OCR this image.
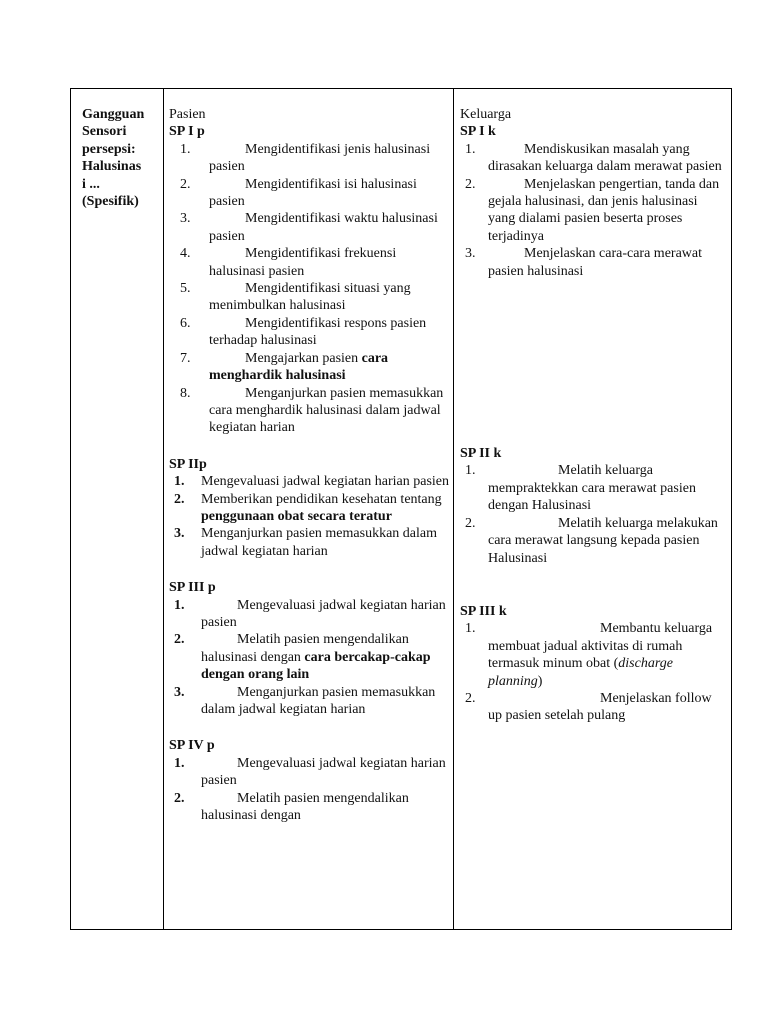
Gangguan
Sensori
persepsi:
Halusinas
i ...
(Spesifik)
Pasien
SP I p
1.	Mengidentifikasi jenis halusinasi pasien
2.	Mengidentifikasi isi halusinasi pasien
3.	Mengidentifikasi waktu halusinasi pasien
4.	Mengidentifikasi frekuensi halusinasi pasien
5.	Mengidentifikasi situasi yang menimbulkan halusinasi
6.	Mengidentifikasi respons pasien terhadap halusinasi
7.	Mengajarkan pasien cara menghardik halusinasi
8.	Menganjurkan pasien memasukkan cara menghardik halusinasi dalam jadwal kegiatan harian
SP IIp
1. Mengevaluasi jadwal kegiatan harian pasien
2. Memberikan pendidikan kesehatan tentang penggunaan obat secara teratur
3. Menganjurkan pasien memasukkan dalam jadwal kegiatan harian
SP III p
1.	Mengevaluasi jadwal kegiatan harian pasien
2.	Melatih pasien mengendalikan halusinasi dengan cara bercakap-cakap dengan orang lain
3.	Menganjurkan pasien memasukkan dalam jadwal kegiatan harian
SP IV p
1.	Mengevaluasi jadwal kegiatan harian pasien
2.	Melatih pasien mengendalikan halusinasi dengan
Keluarga
SP I k
1.	Mendiskusikan masalah yang dirasakan keluarga dalam merawat pasien
2.	Menjelaskan pengertian, tanda dan gejala halusinasi, dan jenis halusinasi yang dialami pasien beserta proses terjadinya
3.	Menjelaskan cara-cara merawat pasien halusinasi
SP II k
1.	Melatih keluarga mempraktekkan cara merawat pasien dengan Halusinasi
2.	Melatih keluarga melakukan cara merawat langsung kepada pasien Halusinasi
SP III k
1.	Membantu keluarga membuat jadual aktivitas di rumah termasuk minum obat (discharge planning)
2.	Menjelaskan follow up pasien setelah pulang
